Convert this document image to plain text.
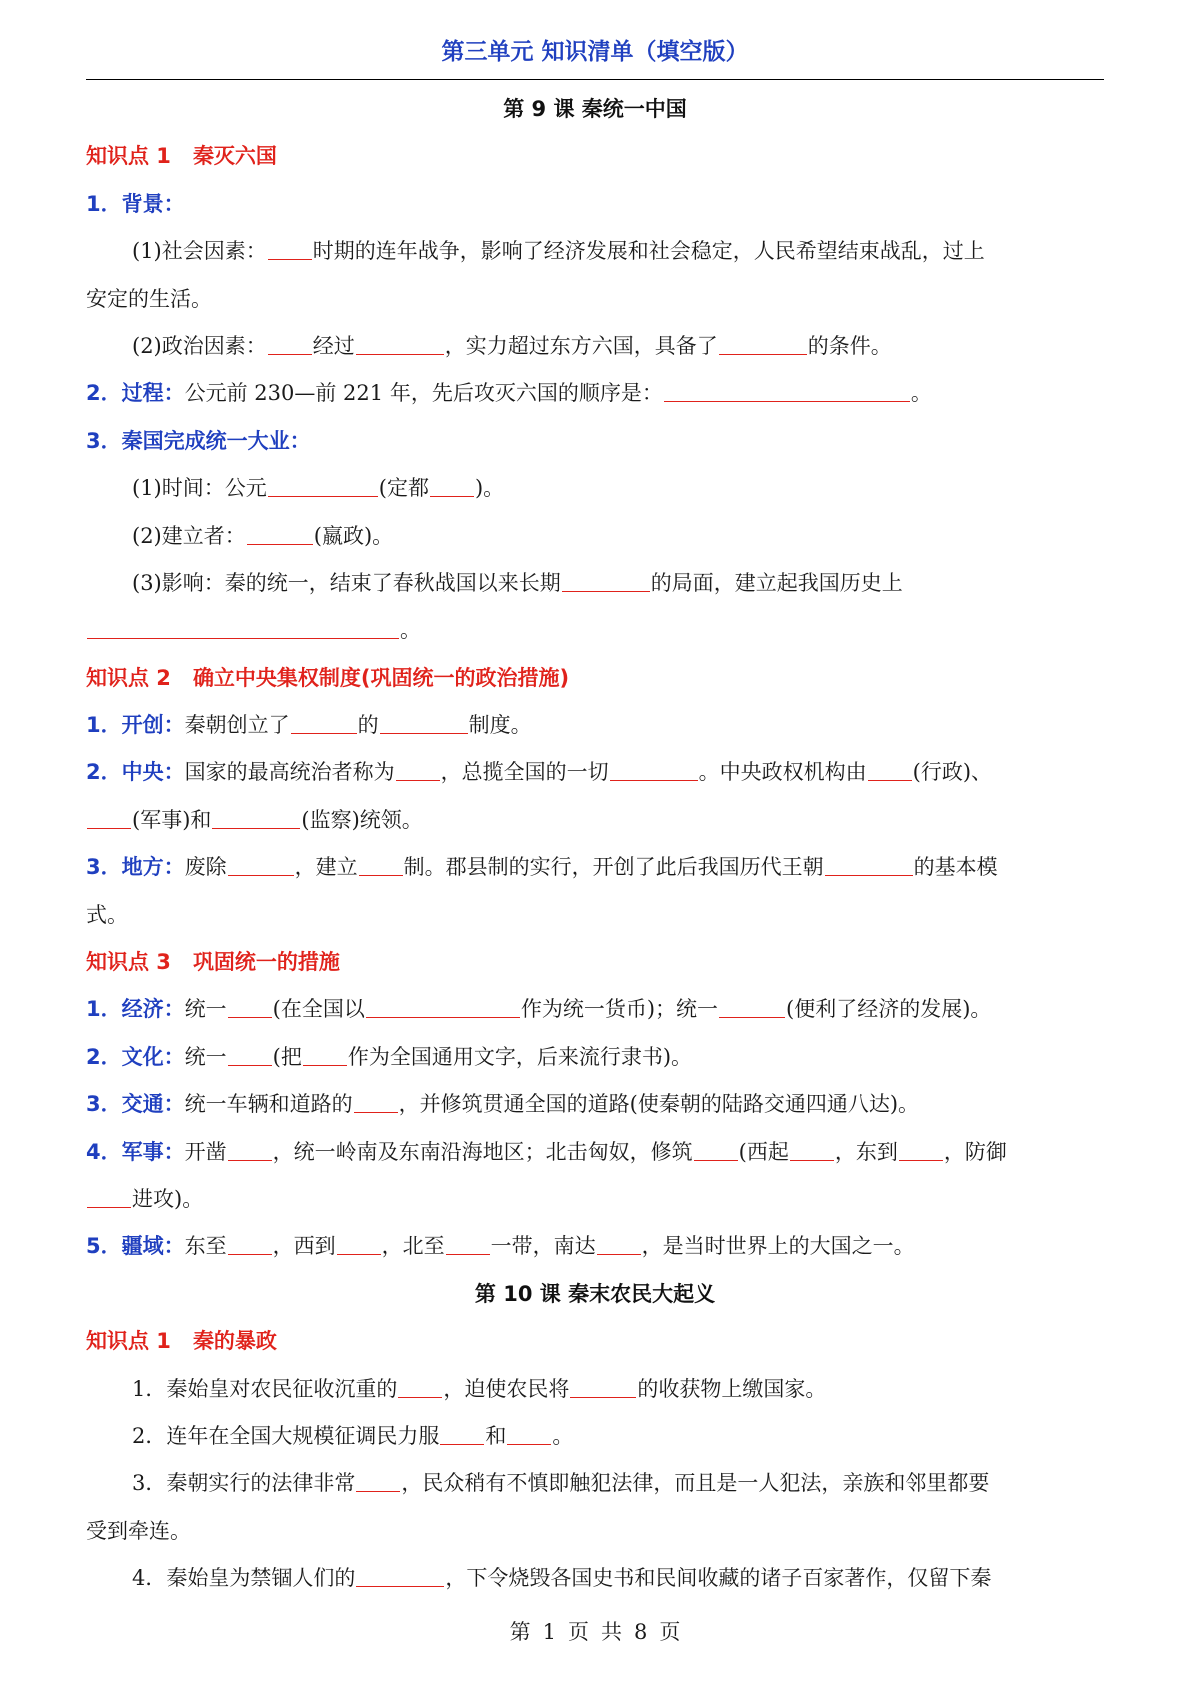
第三单元 知识清单（填空版）
第 9 课 秦统一中国
知识点 1 秦灭六国
1．背景：
(1)社会因素： 时期的连年战争，影响了经济发展和社会稳定，人民希望结束战乱，过上
安定的生活。
(2)政治因素： 经过	，实力超过东方六国，具备了	的条件。
2．过程：公元前 230—前 221 年，先后攻灭六国的顺序是：	。
3．秦国完成统一大业：
(1)时间：公元	(定都 )。
(2)建立者：	(嬴政)。
(3)影响：秦的统一，结束了春秋战国以来长期	的局面，建立起我国历史上
。
知识点 2 确立中央集权制度(巩固统一的政治措施)
1．开创：秦朝创立了	的	制度。
2．中央：国家的最高统治者称为 ，总揽全国的一切	。中央政权机构由 (行政)、
(军事)和	(监察)统领。
3．地方：废除	，建立 制。郡县制的实行，开创了此后我国历代王朝	的基本模
式。
知识点 3 巩固统一的措施
1．经济：统一 (在全国以	作为统一货币)；统一	(便利了经济的发展)。
2．文化：统一 (把 作为全国通用文字，后来流行隶书)。
3．交通：统一车辆和道路的 ，并修筑贯通全国的道路(使秦朝的陆路交通四通八达)。
4．军事：开凿 ，统一岭南及东南沿海地区；北击匈奴，修筑 (西起 ，东到 ，防御
进攻)。
5．疆域：东至 ，西到 ，北至 一带，南达 ，是当时世界上的大国之一。
第 10 课 秦末农民大起义
知识点 1 秦的暴政
1．秦始皇对农民征收沉重的 ，迫使农民将	的收获物上缴国家。
2．连年在全国大规模征调民力服 和 。
3．秦朝实行的法律非常 ，民众稍有不慎即触犯法律，而且是一人犯法，亲族和邻里都要
受到牵连。
4．秦始皇为禁锢人们的	，下令烧毁各国史书和民间收藏的诸子百家著作，仅留下秦
第 1 页 共 8 页
